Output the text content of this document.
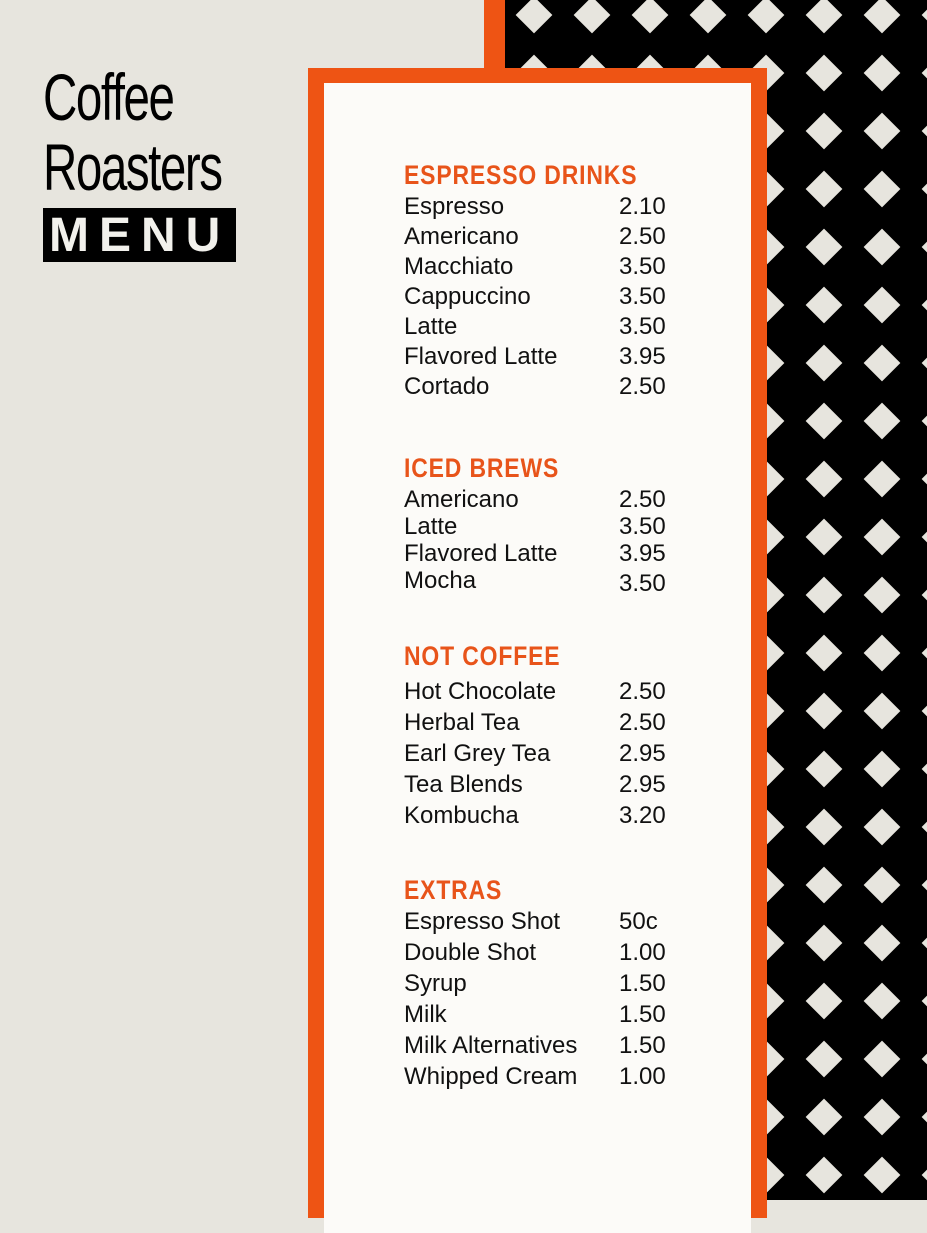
Coffee
Roasters
MENU
ESPRESSO DRINKS
Espresso	2.10
Americano	2.50
Macchiato	3.50
Cappuccino	3.50
Latte	3.50
Flavored Latte	3.95
Cortado	2.50
ICED BREWS
Americano	2.50
Latte	3.50
Flavored Latte	3.95
Mocha	3.50
NOT COFFEE
Hot Chocolate	2.50
Herbal Tea	2.50
Earl Grey Tea	2.95
Tea Blends	2.95
Kombucha	3.20
EXTRAS
Espresso Shot 50c
Double Shot	1.00
Syrup	1.50
Milk	1.50
Milk Alternatives 1.50
Whipped Cream 1.00
